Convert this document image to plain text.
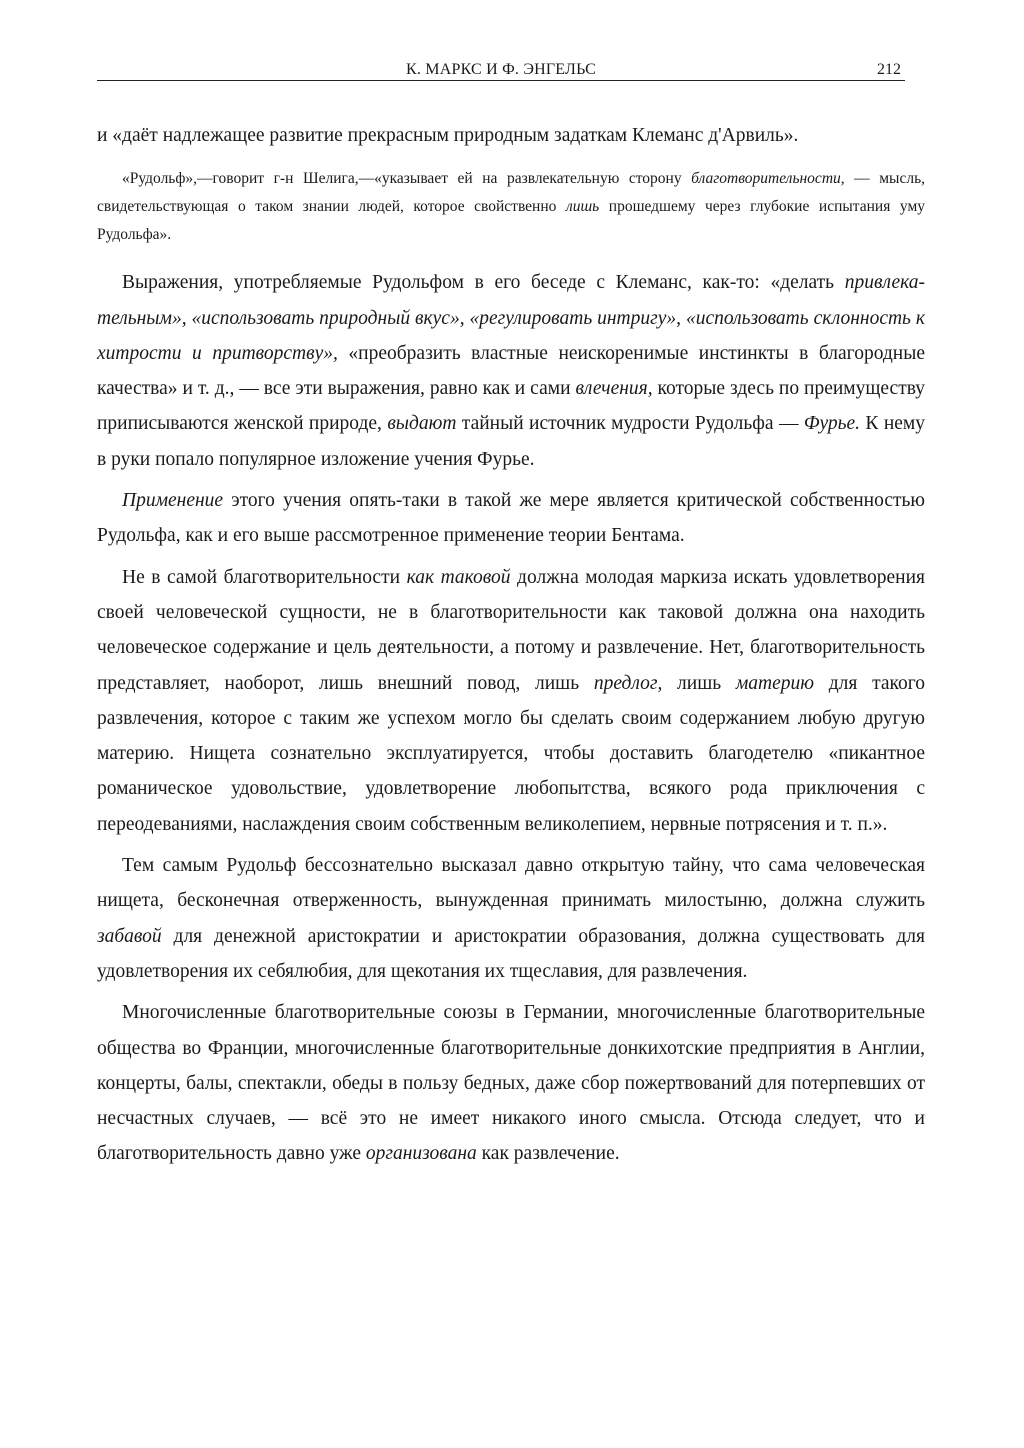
К. МАРКС И Ф. ЭНГЕЛЬС	212

и «даёт надлежащее развитие прекрасным природным задаткам Клеманс д'Арвиль».

«Рудольф»,—говорит г-н Шелига,—«указывает ей на развлекательную сторону благотворительности, — мысль, свидетельствующая о таком знании людей, которое свойственно лишь прошедшему через глубокие испытания уму Рудольфа».

Выражения, употребляемые Рудольфом в его беседе с Клеманс, как-то: «делать привлекательным», «использовать природный вкус», «регулировать интригу», «использовать склонность к хитрости и притворству», «преобразить властные неискоренимые инстинкты в благородные качества» и т. д., — все эти выражения, равно как и сами влечения, которые здесь по преимуществу приписываются женской природе, выдают тайный источник мудрости Рудольфа — Фурье. К нему в руки попало популярное изложение учения Фурье.

Применение этого учения опять-таки в такой же мере является критической собственностью Рудольфа, как и его выше рассмотренное применение теории Бентама.

Не в самой благотворительности как таковой должна молодая маркиза искать удовлетворения своей человеческой сущности, не в благотворительности как таковой должна она находить человеческое содержание и цель деятельности, а потому и развлечение. Нет, благотворительность представляет, наоборот, лишь внешний повод, лишь предлог, лишь материю для такого развлечения, которое с таким же успехом могло бы сделать своим содержанием любую другую материю. Нищета сознательно эксплуатируется, чтобы доставить благодетелю «пикантное романическое удовольствие, удовлетворение любопытства, всякого рода приключения с переодеваниями, наслаждения своим собственным великолепием, нервные потрясения и т. п.».

Тем самым Рудольф бессознательно высказал давно открытую тайну, что сама человеческая нищета, бесконечная отверженность, вынужденная принимать милостыню, должна служить забавой для денежной аристократии и аристократии образования, должна существовать для удовлетворения их себялюбия, для щекотания их тщеславия, для развлечения.

Многочисленные благотворительные союзы в Германии, многочисленные благотворительные общества во Франции, многочисленные благотворительные донкихотские предприятия в Англии, концерты, балы, спектакли, обеды в пользу бедных, даже сбор пожертвований для потерпевших от несчастных случаев, — всё это не имеет никакого иного смысла. Отсюда следует, что и благотворительность давно уже организована как развлечение.
